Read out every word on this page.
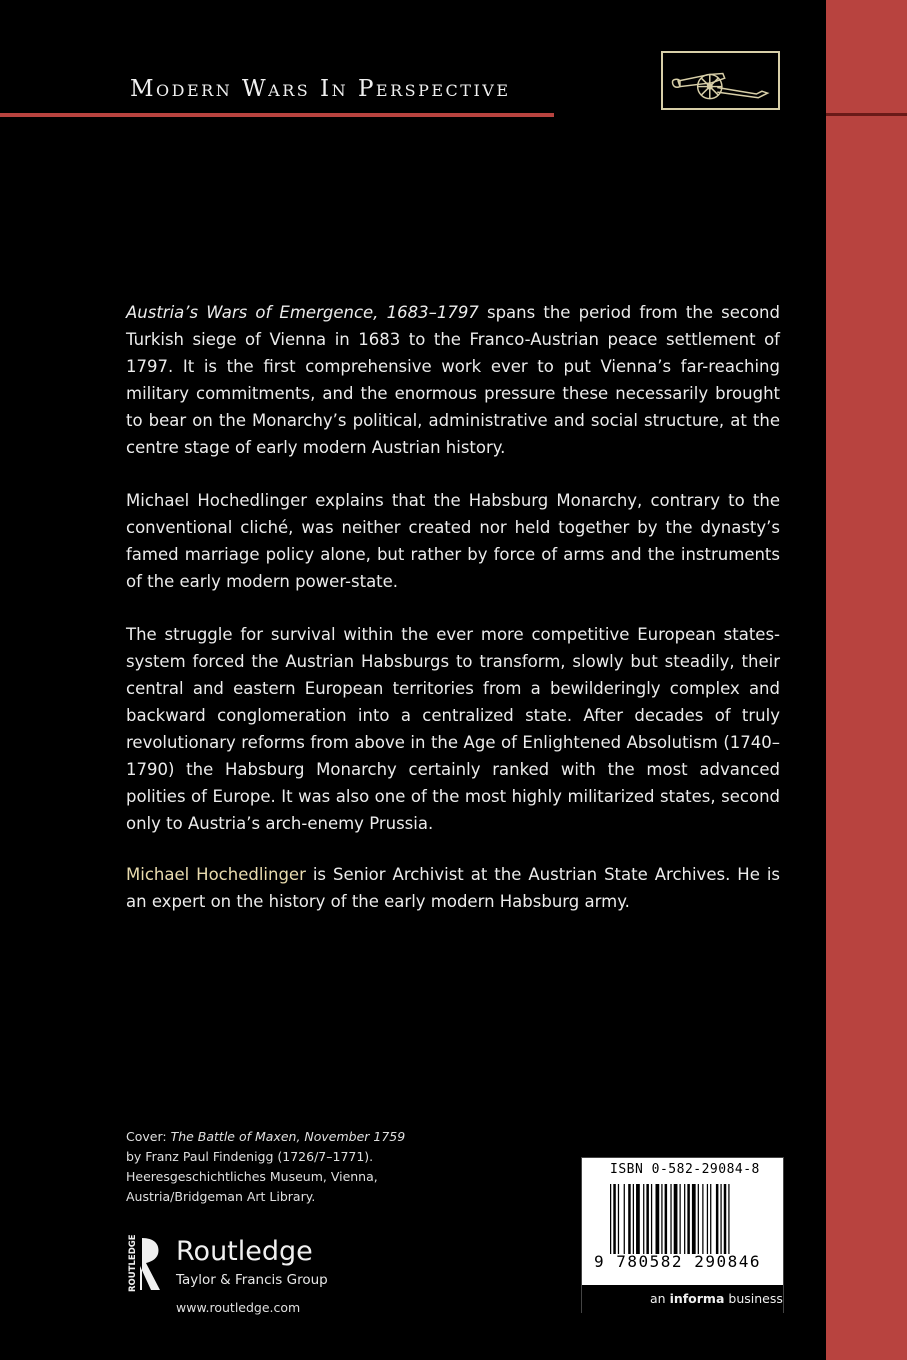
Modern Wars In Perspective
Austria’s Wars of Emergence, 1683–1797 spans the period from the second Turkish siege of Vienna in 1683 to the Franco-Austrian peace settlement of 1797. It is the first comprehensive work ever to put Vienna’s far-reaching military commitments, and the enormous pressure these necessarily brought to bear on the Monarchy’s political, administrative and social structure, at the centre stage of early modern Austrian history.
Michael Hochedlinger explains that the Habsburg Monarchy, contrary to the conventional cliché, was neither created nor held together by the dynasty’s famed marriage policy alone, but rather by force of arms and the instruments of the early modern power-state.
The struggle for survival within the ever more competitive European states-system forced the Austrian Habsburgs to transform, slowly but steadily, their central and eastern European territories from a bewilderingly complex and backward conglomeration into a centralized state. After decades of truly revolutionary reforms from above in the Age of Enlightened Absolutism (1740–1790) the Habsburg Monarchy certainly ranked with the most advanced polities of Europe. It was also one of the most highly militarized states, second only to Austria’s arch-enemy Prussia.
Michael Hochedlinger is Senior Archivist at the Austrian State Archives. He is an expert on the history of the early modern Habsburg army.
Cover: The Battle of Maxen, November 1759
by Franz Paul Findenigg (1726/7–1771).
Heeresgeschichtliches Museum, Vienna,
Austria/Bridgeman Art Library.
ROUTLEDGE Routledge
Taylor & Francis Group
www.routledge.com
ISBN 0-582-29084-8
9 780582 290846
an informa business
